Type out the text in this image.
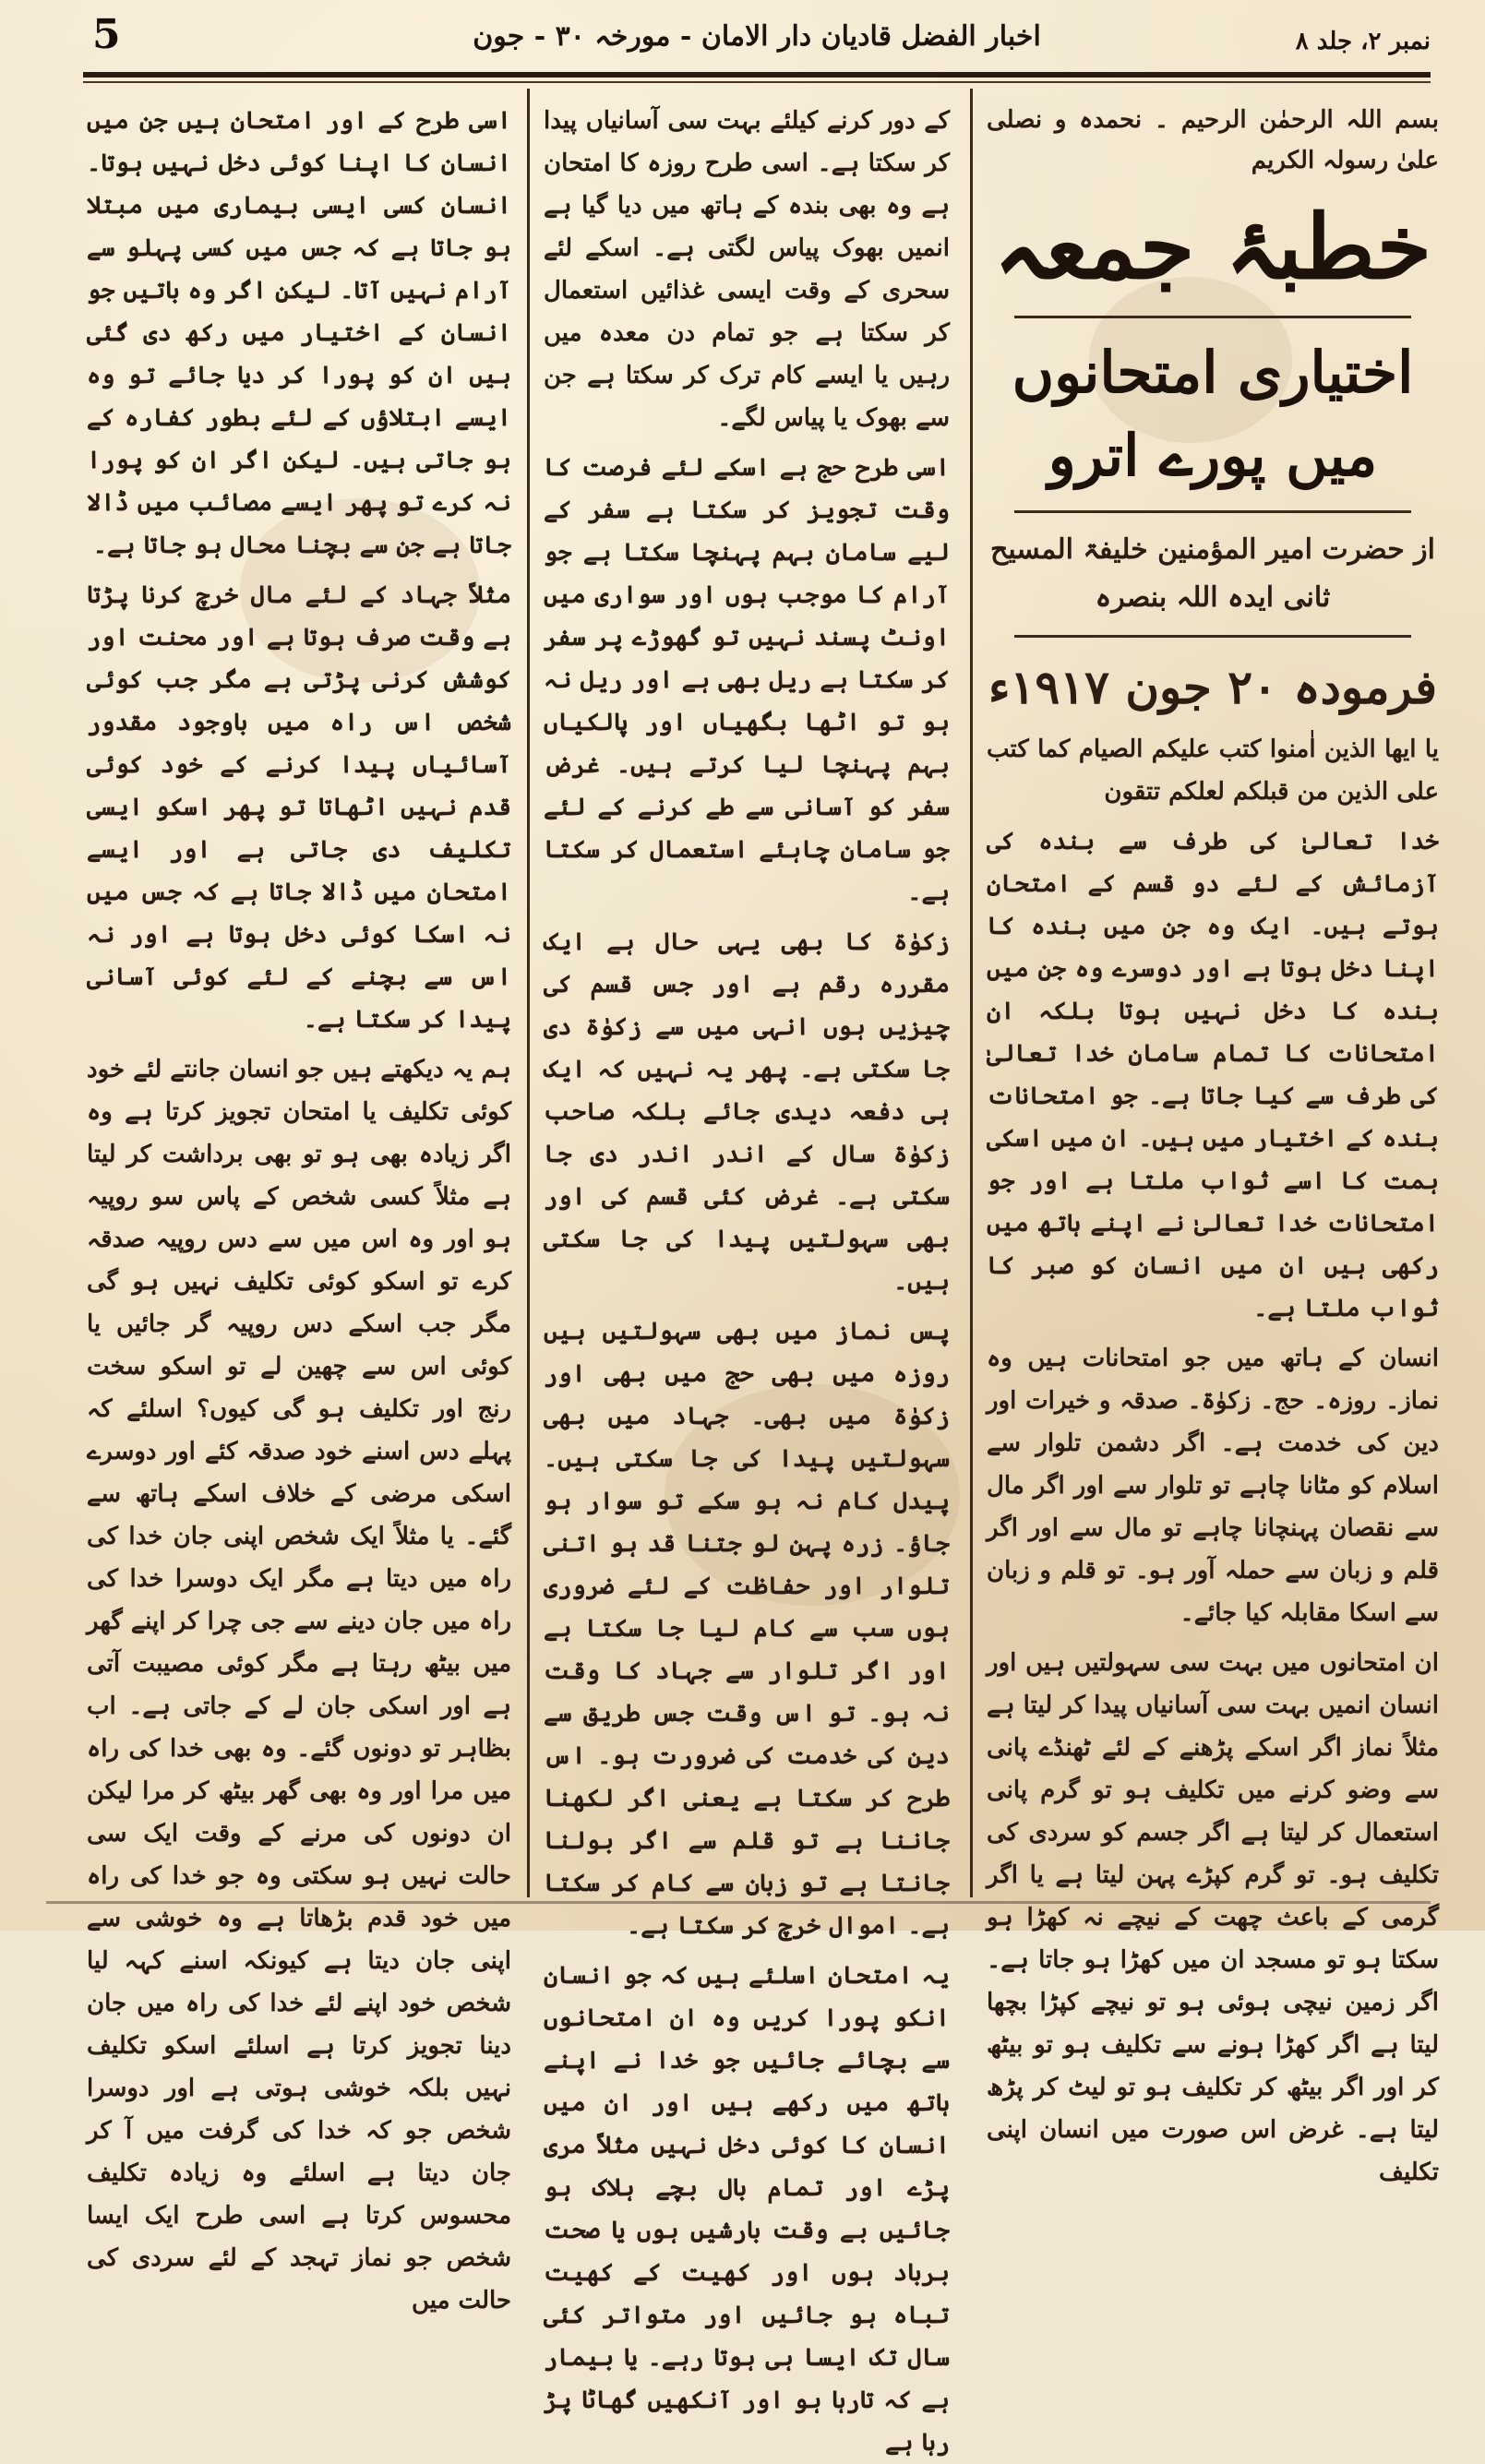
نمبر ۲، جلد ۸
اخبار الفضل قادیان دار الامان - مورخہ ۳۰ - جون
5
بسم اللہ الرحمٰن الرحیم ۔ نحمدہ و نصلی علیٰ رسولہ الکریم
خطبۂ جمعہ
اختیاری امتحانوں میں پورے اترو
از حضرت امیر المؤمنین خلیفۃ المسیح ثانی ایدہ اللہ بنصرہ
فرمودہ ۲۰ جون ۱۹۱۷ء
یا ایھا الذین اٰمنوا کتب علیکم الصیام کما کتب علی الذین من قبلکم لعلکم تتقون

خدا تعالیٰ کی طرف سے بندہ کی آزمائش کے لئے دو قسم کے امتحان ہوتے ہیں۔ ایک وہ جن میں بندہ کا اپنا دخل ہوتا ہے اور دوسرے وہ جن میں بندہ کا دخل نہیں ہوتا بلکہ ان امتحانات کا تمام سامان خدا تعالیٰ کی طرف سے کیا جاتا ہے۔ جو امتحانات بندہ کے اختیار میں ہیں۔ ان میں اسکی ہمت کا اسے ثواب ملتا ہے اور جو امتحانات خدا تعالیٰ نے اپنے ہاتھ میں رکھی ہیں ان میں انسان کو صبر کا ثواب ملتا ہے۔

انسان کے ہاتھ میں جو امتحانات ہیں وہ نماز۔ روزہ۔ حج۔ زکوٰۃ۔ صدقہ و خیرات اور دین کی خدمت ہے۔ اگر دشمن تلوار سے اسلام کو مٹانا چاہے تو تلوار سے اور اگر مال سے نقصان پہنچانا چاہے تو مال سے اور اگر قلم و زبان سے حملہ آور ہو۔ تو قلم و زبان سے اسکا مقابلہ کیا جائے۔

ان امتحانوں میں بہت سی سہولتیں ہیں اور انسان انمیں بہت سی آسانیاں پیدا کر لیتا ہے مثلاً نماز اگر اسکے پڑھنے کے لئے ٹھنڈے پانی سے وضو کرنے میں تکلیف ہو تو گرم پانی استعمال کر لیتا ہے اگر جسم کو سردی کی تکلیف ہو۔ تو گرم کپڑے پہن لیتا ہے یا اگر گرمی کے باعث چھت کے نیچے نہ کھڑا ہو سکتا ہو تو مسجد ان میں کھڑا ہو جاتا ہے۔ اگر زمین نیچی ہوئی ہو تو نیچے کپڑا بچھا لیتا ہے اگر کھڑا ہونے سے تکلیف ہو تو بیٹھ کر اور اگر بیٹھ کر تکلیف ہو تو لیٹ کر پڑھ لیتا ہے۔ غرض اس صورت میں انسان اپنی تکلیف

کے دور کرنے کیلئے بہت سی آسانیاں پیدا کر سکتا ہے۔ اسی طرح روزہ کا امتحان ہے وہ بھی بندہ کے ہاتھ میں دیا گیا ہے انمیں بھوک پیاس لگتی ہے۔ اسکے لئے سحری کے وقت ایسی غذائیں استعمال کر سکتا ہے جو تمام دن معدہ میں رہیں یا ایسے کام ترک کر سکتا ہے جن سے بھوک یا پیاس لگے۔

اسی طرح حج ہے اسکے لئے فرصت کا وقت تجویز کر سکتا ہے سفر کے لیے سامان بہم پہنچا سکتا ہے جو آرام کا موجب ہوں اور سواری میں اونٹ پسند نہیں تو گھوڑے پر سفر کر سکتا ہے ریل بھی ہے اور ریل نہ ہو تو اٹھا بگھیاں اور پالکیاں بہم پہنچا لیا کرتے ہیں۔ غرض سفر کو آسانی سے طے کرنے کے لئے جو سامان چاہئے استعمال کر سکتا ہے۔

زکوٰۃ کا بھی یہی حال ہے ایک مقررہ رقم ہے اور جس قسم کی چیزیں ہوں انہی میں سے زکوٰۃ دی جا سکتی ہے۔ پھر یہ نہیں کہ ایک ہی دفعہ دیدی جائے بلکہ صاحب زکوٰۃ سال کے اندر اندر دی جا سکتی ہے۔ غرض کئی قسم کی اور بھی سہولتیں پیدا کی جا سکتی ہیں۔

پس نماز میں بھی سہولتیں ہیں روزہ میں بھی حج میں بھی اور زکوٰۃ میں بھی۔ جہاد میں بھی سہولتیں پیدا کی جا سکتی ہیں۔ پیدل کام نہ ہو سکے تو سوار ہو جاؤ۔ زرہ پہن لو جتنا قد ہو اتنی تلوار اور حفاظت کے لئے ضروری ہوں سب سے کام لیا جا سکتا ہے اور اگر تلوار سے جہاد کا وقت نہ ہو۔ تو اس وقت جس طریق سے دین کی خدمت کی ضرورت ہو۔ اس طرح کر سکتا ہے یعنی اگر لکھنا جاننا ہے تو قلم سے اگر بولنا جانتا ہے تو زبان سے کام کر سکتا ہے۔ اموال خرچ کر سکتا ہے۔

یہ امتحان اسلئے ہیں کہ جو انسان انکو پورا کریں وہ ان امتحانوں سے بچائے جائیں جو خدا نے اپنے ہاتھ میں رکھے ہیں اور ان میں انسان کا کوئی دخل نہیں مثلاً مری پڑے اور تمام بال بچے ہلاک ہو جائیں بے وقت بارشیں ہوں یا صحت برباد ہوں اور کھیت کے کھیت تباہ ہو جائیں اور متواتر کئی سال تک ایسا ہی ہوتا رہے۔ یا بیمار ہے کہ تارہا ہو اور آنکھیں گھاٹا پڑ رہا ہے

اسی طرح کے اور امتحان ہیں جن میں انسان کا اپنا کوئی دخل نہیں ہوتا۔ انسان کسی ایسی بیماری میں مبتلا ہو جاتا ہے کہ جس میں کسی پہلو سے آرام نہیں آتا۔ لیکن اگر وہ باتیں جو انسان کے اختیار میں رکھ دی گئی ہیں ان کو پورا کر دیا جائے تو وہ ایسے ابتلاؤں کے لئے بطور کفارہ کے ہو جاتی ہیں۔ لیکن اگر ان کو پورا نہ کرے تو پھر ایسے مصائب میں ڈالا جاتا ہے جن سے بچنا محال ہو جاتا ہے۔

مثلاً جہاد کے لئے مال خرچ کرنا پڑتا ہے وقت صرف ہوتا ہے اور محنت اور کوشش کرنی پڑتی ہے مگر جب کوئی شخص اس راہ میں باوجود مقدور آسائیاں پیدا کرنے کے خود کوئی قدم نہیں اٹھاتا تو پھر اسکو ایسی تکلیف دی جاتی ہے اور ایسے امتحان میں ڈالا جاتا ہے کہ جس میں نہ اسکا کوئی دخل ہوتا ہے اور نہ اس سے بچنے کے لئے کوئی آسانی پیدا کر سکتا ہے۔

ہم یہ دیکھتے ہیں جو انسان جانتے لئے خود کوئی تکلیف یا امتحان تجویز کرتا ہے وہ اگر زیادہ بھی ہو تو بھی برداشت کر لیتا ہے مثلاً کسی شخص کے پاس سو روپیہ ہو اور وہ اس میں سے دس روپیہ صدقہ کرے تو اسکو کوئی تکلیف نہیں ہو گی مگر جب اسکے دس روپیہ گر جائیں یا کوئی اس سے چھین لے تو اسکو سخت رنج اور تکلیف ہو گی کیوں؟ اسلئے کہ پہلے دس اسنے خود صدقہ کئے اور دوسرے اسکی مرضی کے خلاف اسکے ہاتھ سے گئے۔ یا مثلاً ایک شخص اپنی جان خدا کی راہ میں دیتا ہے مگر ایک دوسرا خدا کی راہ میں جان دینے سے جی چرا کر اپنے گھر میں بیٹھ رہتا ہے مگر کوئی مصیبت آتی ہے اور اسکی جان لے کے جاتی ہے۔ اب بظاہر تو دونوں گئے۔ وہ بھی خدا کی راہ میں مرا اور وہ بھی گھر بیٹھ کر مرا لیکن ان دونوں کی مرنے کے وقت ایک سی حالت نہیں ہو سکتی وہ جو خدا کی راہ میں خود قدم بڑھاتا ہے وہ خوشی سے اپنی جان دیتا ہے کیونکہ اسنے کہہ لیا شخص خود اپنے لئے خدا کی راہ میں جان دینا تجویز کرتا ہے اسلئے اسکو تکلیف نہیں بلکہ خوشی ہوتی ہے اور دوسرا شخص جو کہ خدا کی گرفت میں آ کر جان دیتا ہے اسلئے وہ زیادہ تکلیف محسوس کرتا ہے اسی طرح ایک ایسا شخص جو نماز تہجد کے لئے سردی کی حالت میں
